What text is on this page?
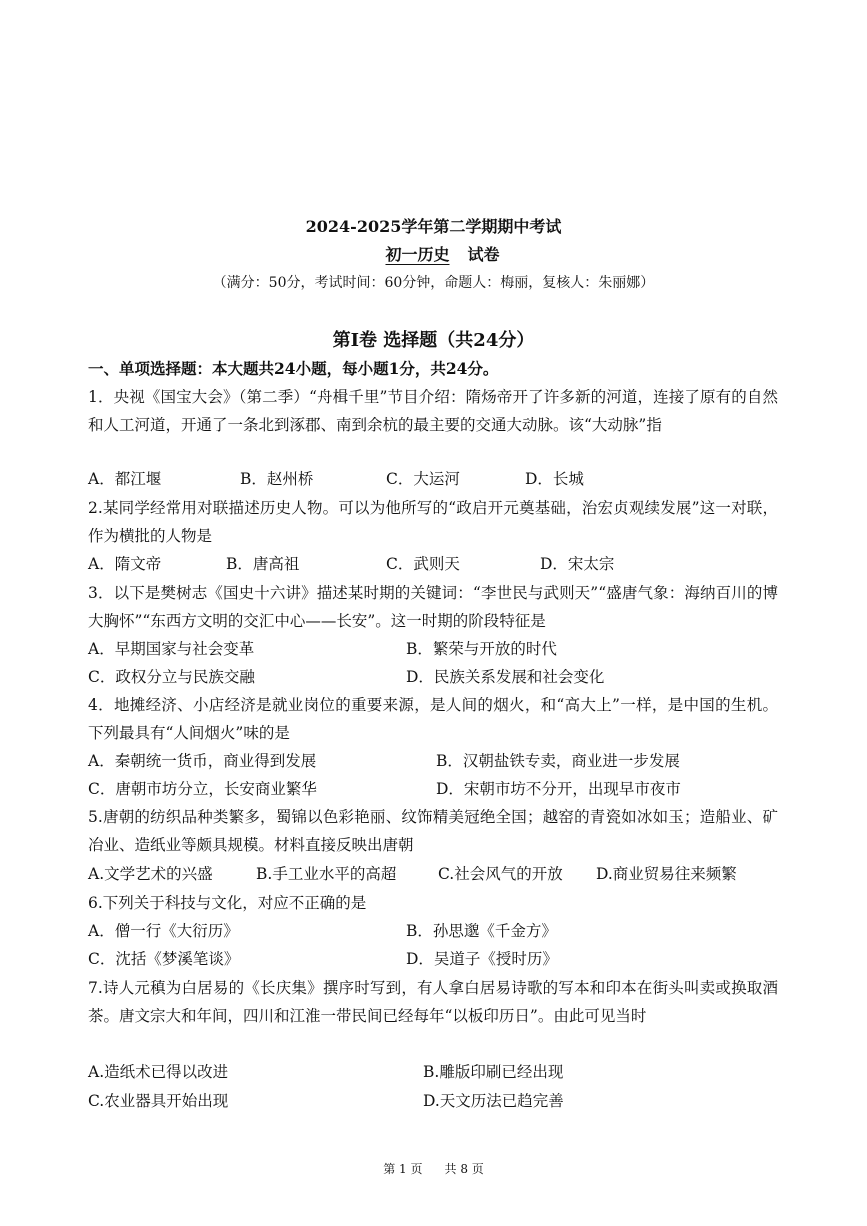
2024-2025学年第二学期期中考试
初一历史 试卷
（满分：50分，考试时间：60分钟，命题人：梅丽，复核人：朱丽娜）
第Ⅰ卷 选择题（共24分）
一、单项选择题：本大题共24小题，每小题1分，共24分。
1．央视《国宝大会》（第二季）“舟楫千里”节目介绍：隋炀帝开了许多新的河道，连接了原有的自然和人工河道，开通了一条北到涿郡、南到余杭的最主要的交通大动脉。该“大动脉”指
A．都江堰	B．赵州桥	C．大运河	D．长城
2.某同学经常用对联描述历史人物。可以为他所写的“政启开元奠基础，治宏贞观续发展”这一对联，作为横批的人物是
A．隋文帝	B．唐高祖	C．武则天	D．宋太宗
3．以下是樊树志《国史十六讲》描述某时期的关键词：“李世民与武则天”“盛唐气象：海纳百川的博大胸怀”“东西方文明的交汇中心——长安”。这一时期的阶段特征是
A．早期国家与社会变革	B．繁荣与开放的时代
C．政权分立与民族交融	D．民族关系发展和社会变化
4．地摊经济、小店经济是就业岗位的重要来源，是人间的烟火，和“高大上”一样，是中国的生机。下列最具有“人间烟火”味的是
A．秦朝统一货币，商业得到发展	B．汉朝盐铁专卖，商业进一步发展
C．唐朝市坊分立，长安商业繁华	D．宋朝市坊不分开，出现早市夜市
5.唐朝的纺织品种类繁多，蜀锦以色彩艳丽、纹饰精美冠绝全国；越窑的青瓷如冰如玉；造船业、矿冶业、造纸业等颇具规模。材料直接反映出唐朝
A.文学艺术的兴盛	B.手工业水平的高超	C.社会风气的开放 D.商业贸易往来频繁
6.下列关于科技与文化，对应不正确的是
A．僧一行《大衍历》	B．孙思邈《千金方》
C．沈括《梦溪笔谈》	D．吴道子《授时历》
7.诗人元稹为白居易的《长庆集》撰序时写到，有人拿白居易诗歌的写本和印本在街头叫卖或换取酒茶。唐文宗大和年间，四川和江淮一带民间已经每年“以板印历日”。由此可见当时
A.造纸术已得以改进	B.雕版印刷已经出现
C.农业器具开始出现	D.天文历法已趋完善
第 1 页 共 8 页
